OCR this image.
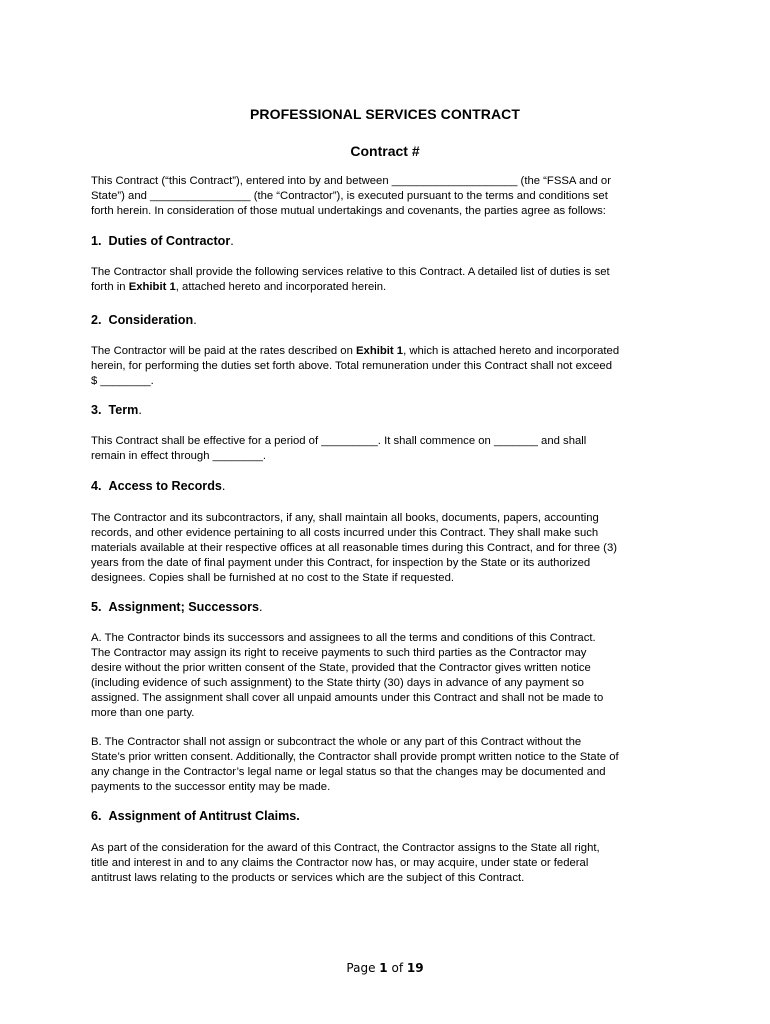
PROFESSIONAL SERVICES CONTRACT
Contract #
This Contract (“this Contract”), entered into by and between ____________________ (the “FSSA and or
State”) and ________________ (the “Contractor”), is executed pursuant to the terms and conditions set
forth herein. In consideration of those mutual undertakings and covenants, the parties agree as follows:
1. Duties of Contractor.
The Contractor shall provide the following services relative to this Contract. A detailed list of duties is set
forth in Exhibit 1, attached hereto and incorporated herein.
2. Consideration.
The Contractor will be paid at the rates described on Exhibit 1, which is attached hereto and incorporated
herein, for performing the duties set forth above. Total remuneration under this Contract shall not exceed
$ ________.
3. Term.
This Contract shall be effective for a period of _________. It shall commence on _______ and shall
remain in effect through ________.
4. Access to Records.
The Contractor and its subcontractors, if any, shall maintain all books, documents, papers, accounting
records, and other evidence pertaining to all costs incurred under this Contract. They shall make such
materials available at their respective offices at all reasonable times during this Contract, and for three (3)
years from the date of final payment under this Contract, for inspection by the State or its authorized
designees. Copies shall be furnished at no cost to the State if requested.
5. Assignment; Successors.
A. The Contractor binds its successors and assignees to all the terms and conditions of this Contract.
The Contractor may assign its right to receive payments to such third parties as the Contractor may
desire without the prior written consent of the State, provided that the Contractor gives written notice
(including evidence of such assignment) to the State thirty (30) days in advance of any payment so
assigned. The assignment shall cover all unpaid amounts under this Contract and shall not be made to
more than one party.
B. The Contractor shall not assign or subcontract the whole or any part of this Contract without the
State’s prior written consent. Additionally, the Contractor shall provide prompt written notice to the State of
any change in the Contractor’s legal name or legal status so that the changes may be documented and
payments to the successor entity may be made.
6. Assignment of Antitrust Claims.
As part of the consideration for the award of this Contract, the Contractor assigns to the State all right,
title and interest in and to any claims the Contractor now has, or may acquire, under state or federal
antitrust laws relating to the products or services which are the subject of this Contract.
Page 1 of 19
